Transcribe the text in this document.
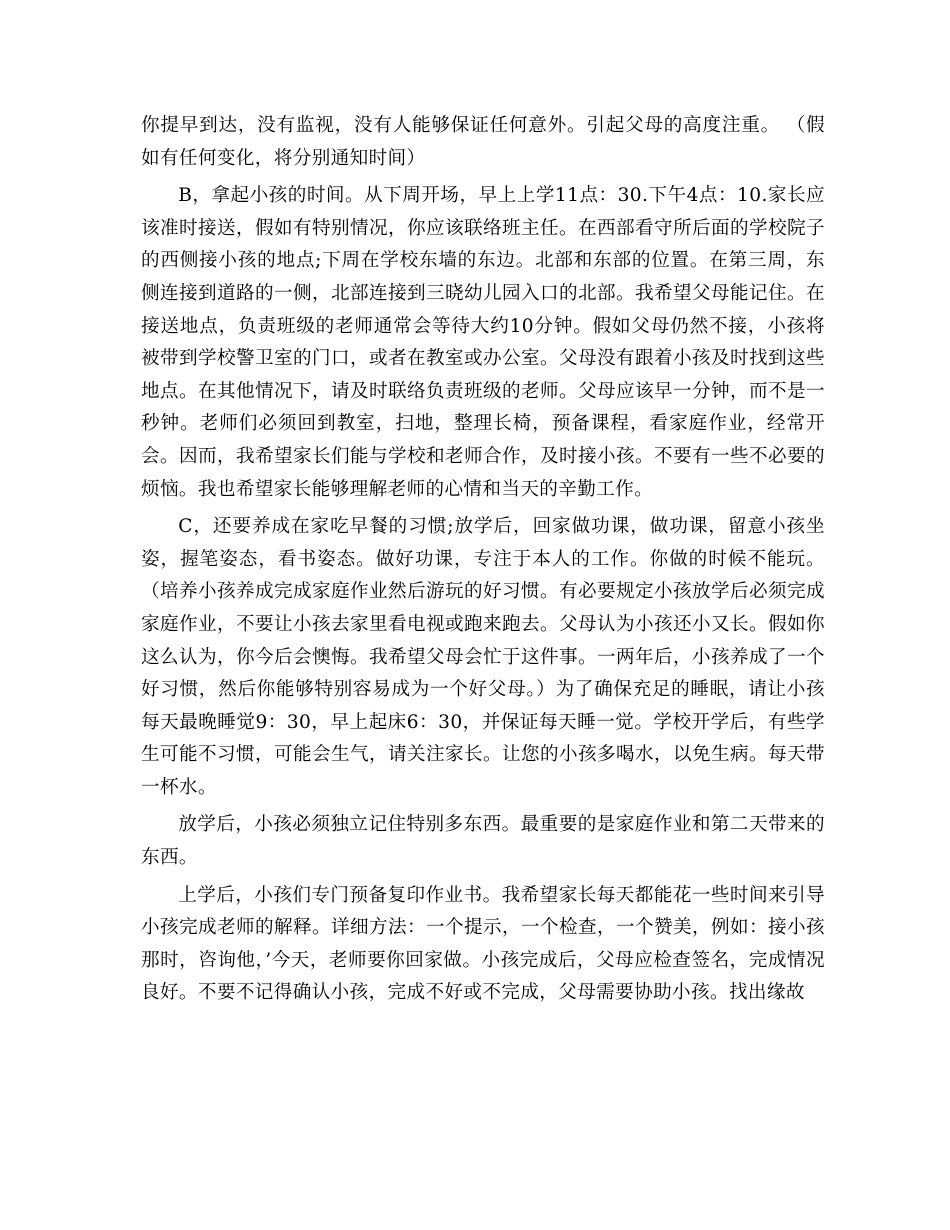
你提早到达，没有监视，没有人能够保证任何意外。引起父母的高度注重。 （假如有任何变化，将分别通知时间）

B，拿起小孩的时间。从下周开场，早上上学11点：30.下午4点：10.家长应该准时接送，假如有特别情况，你应该联络班主任。在西部看守所后面的学校院子的西侧接小孩的地点;下周在学校东墙的东边。北部和东部的位置。在第三周，东侧连接到道路的一侧，北部连接到三晓幼儿园入口的北部。我希望父母能记住。在接送地点，负责班级的老师通常会等待大约10分钟。假如父母仍然不接，小孩将被带到学校警卫室的门口，或者在教室或办公室。父母没有跟着小孩及时找到这些地点。在其他情况下，请及时联络负责班级的老师。父母应该早一分钟，而不是一秒钟。老师们必须回到教室，扫地，整理长椅，预备课程，看家庭作业，经常开会。因而，我希望家长们能与学校和老师合作，及时接小孩。不要有一些不必要的烦恼。我也希望家长能够理解老师的心情和当天的辛勤工作。

C，还要养成在家吃早餐的习惯;放学后，回家做功课，做功课，留意小孩坐姿，握笔姿态，看书姿态。做好功课，专注于本人的工作。你做的时候不能玩。 （培养小孩养成完成家庭作业然后游玩的好习惯。有必要规定小孩放学后必须完成家庭作业，不要让小孩去家里看电视或跑来跑去。父母认为小孩还小又长。假如你这么认为，你今后会懊悔。我希望父母会忙于这件事。一两年后，小孩养成了一个好习惯，然后你能够特别容易成为一个好父母。）为了确保充足的睡眠，请让小孩每天最晚睡觉9：30，早上起床6：30，并保证每天睡一觉。学校开学后，有些学生可能不习惯，可能会生气，请关注家长。让您的小孩多喝水，以免生病。每天带一杯水。

放学后，小孩必须独立记住特别多东西。最重要的是家庭作业和第二天带来的东西。

上学后，小孩们专门预备复印作业书。我希望家长每天都能花一些时间来引导小孩完成老师的解释。详细方法：一个提示，一个检查，一个赞美，例如：接小孩那时，咨询他，’今天，老师要你回家做。小孩完成后，父母应检查签名，完成情况良好。不要不记得确认小孩，完成不好或不完成，父母需要协助小孩。找出缘故
